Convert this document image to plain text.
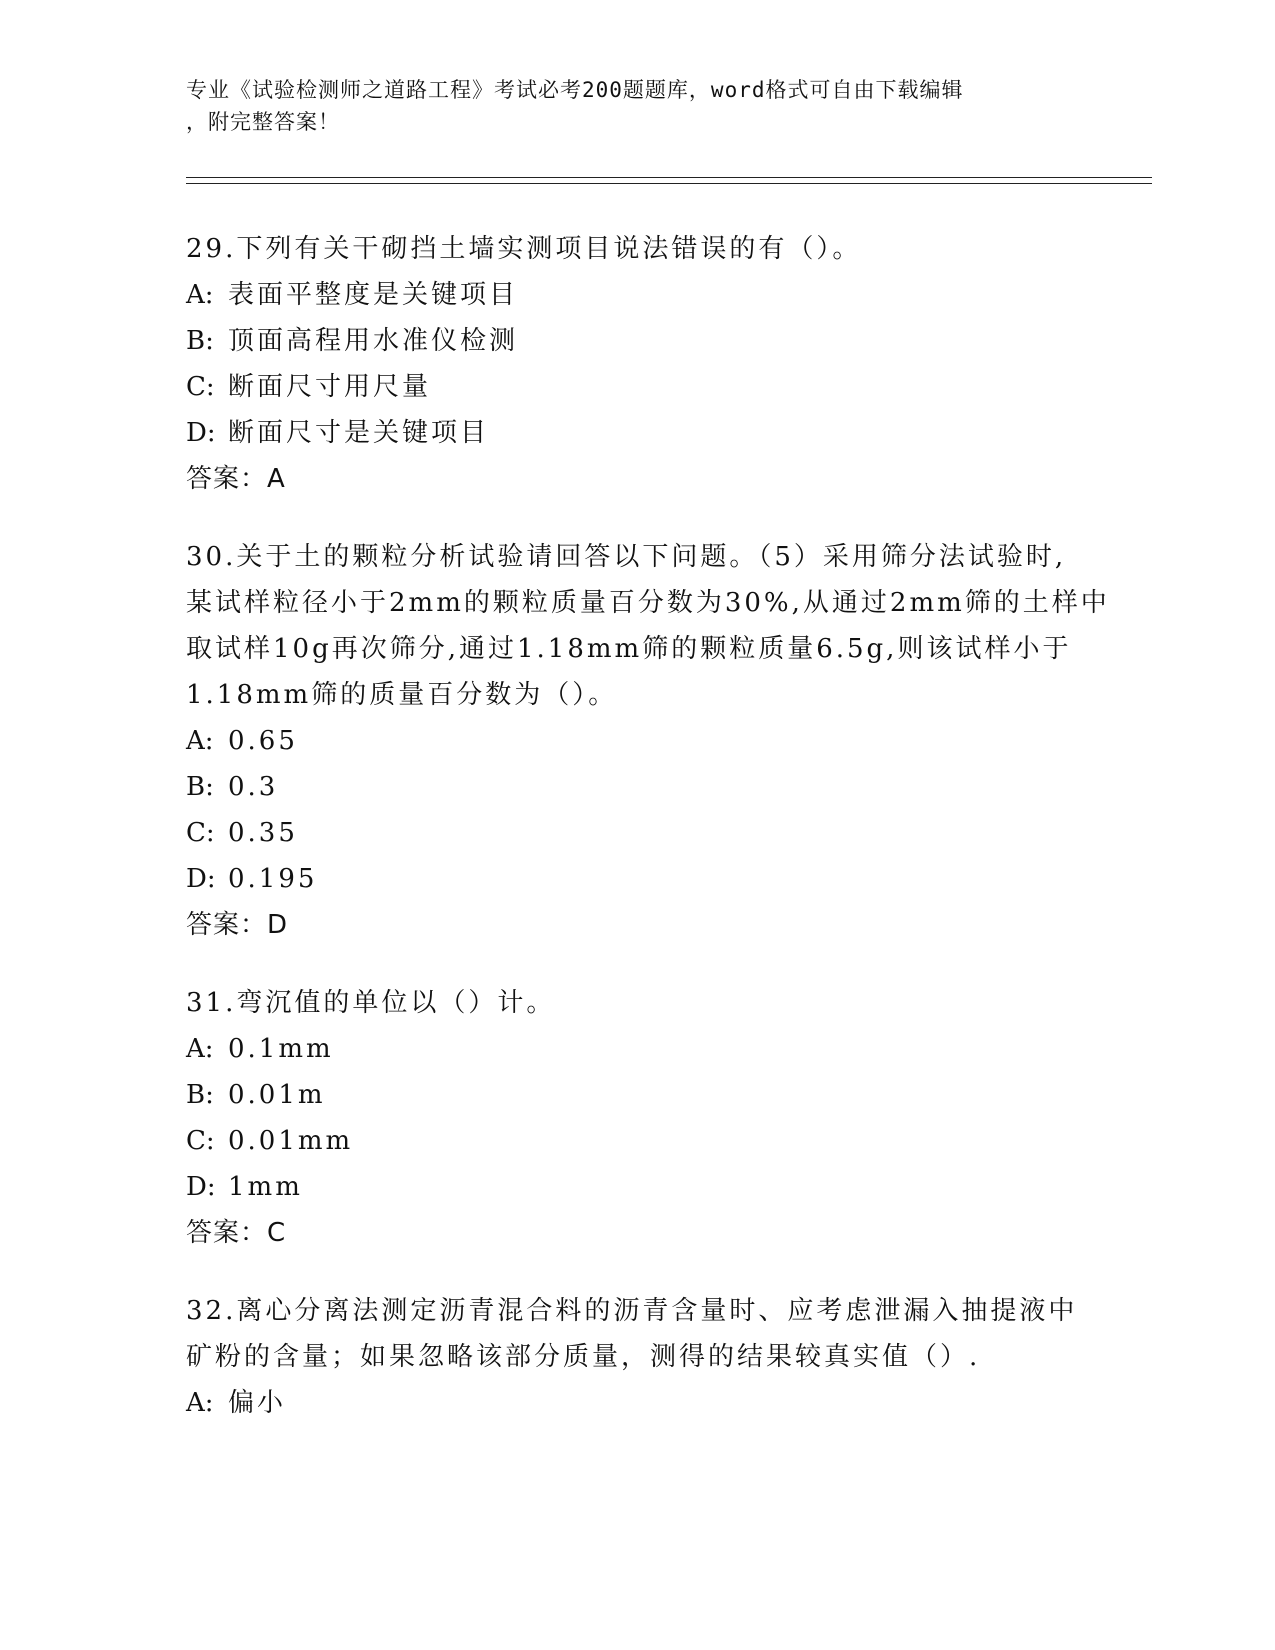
专业《试验检测师之道路工程》考试必考200题题库，word格式可自由下载编辑
，附完整答案！
29.下列有关干砌挡土墙实测项目说法错误的有（）。
A: 表面平整度是关键项目
B: 顶面高程用水准仪检测
C: 断面尺寸用尺量
D: 断面尺寸是关键项目
答案：A
30.关于土的颗粒分析试验请回答以下问题。（5）采用筛分法试验时,
某试样粒径小于2mm的颗粒质量百分数为30%,从通过2mm筛的土样中
取试样10g再次筛分,通过1.18mm筛的颗粒质量6.5g,则该试样小于
1.18mm筛的质量百分数为（）。
A: 0.65
B: 0.3
C: 0.35
D: 0.195
答案：D
31.弯沉值的单位以（）计。
A: 0.1mm
B: 0.01m
C: 0.01mm
D: 1mm
答案：C
32.离心分离法测定沥青混合料的沥青含量时、应考虑泄漏入抽提液中
矿粉的含量；如果忽略该部分质量，测得的结果较真实值（）.
A: 偏小
